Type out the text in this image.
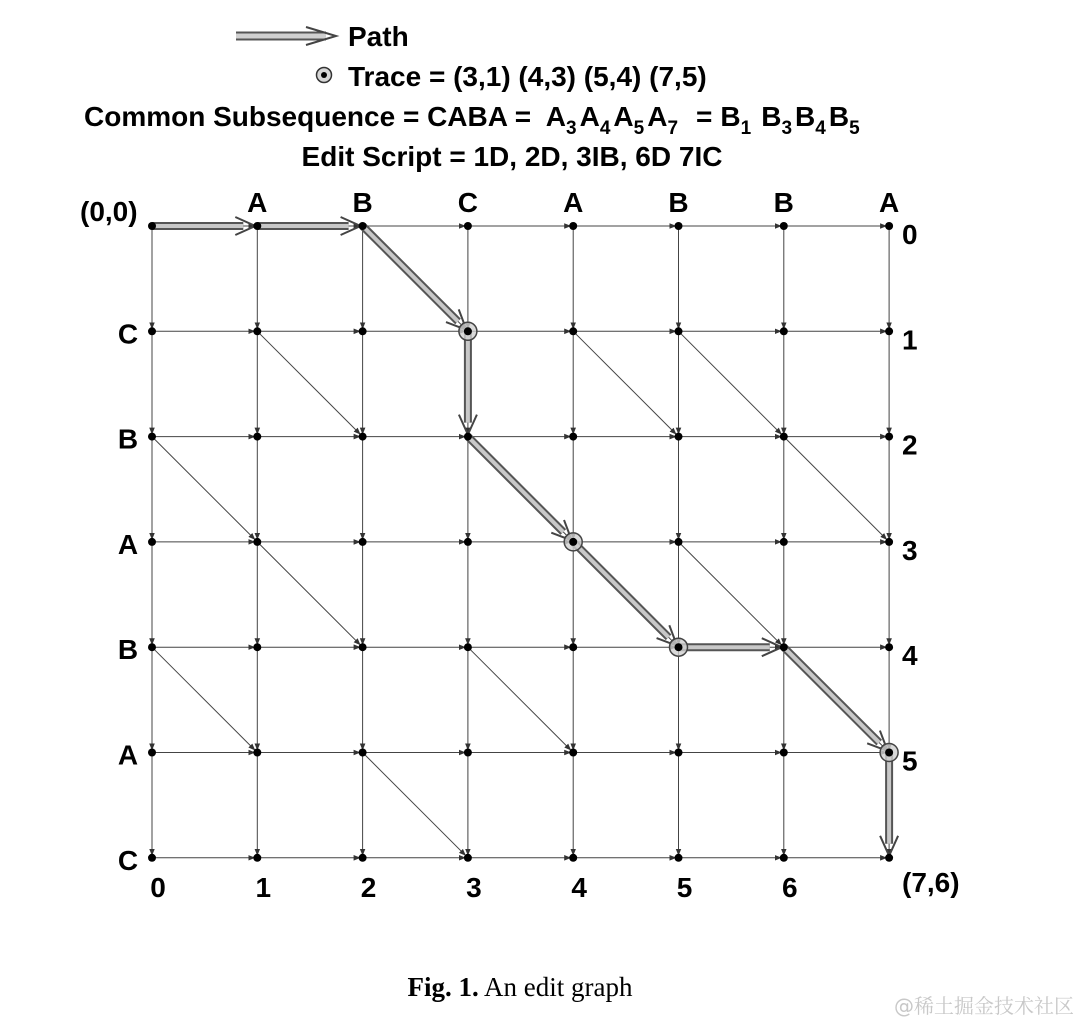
Path
Trace = (3,1) (4,3) (5,4) (7,5)
Common Subsequence = CABA = $A_3$ $A_4$ $A_5$ $A_7 = B_1$ $B_3$ $B_4$ $B_5$
Edit Script = 1D, 2D, 3IB, 6D 7IC
(0,0)
(7,6)
A	B	C	A	B	B	A
C
B
A
B
A
C
0	1	2	3	4	5	6
0
1
2
3
4
5
Fig. 1. An edit graph
@稀土掘金技术社区
